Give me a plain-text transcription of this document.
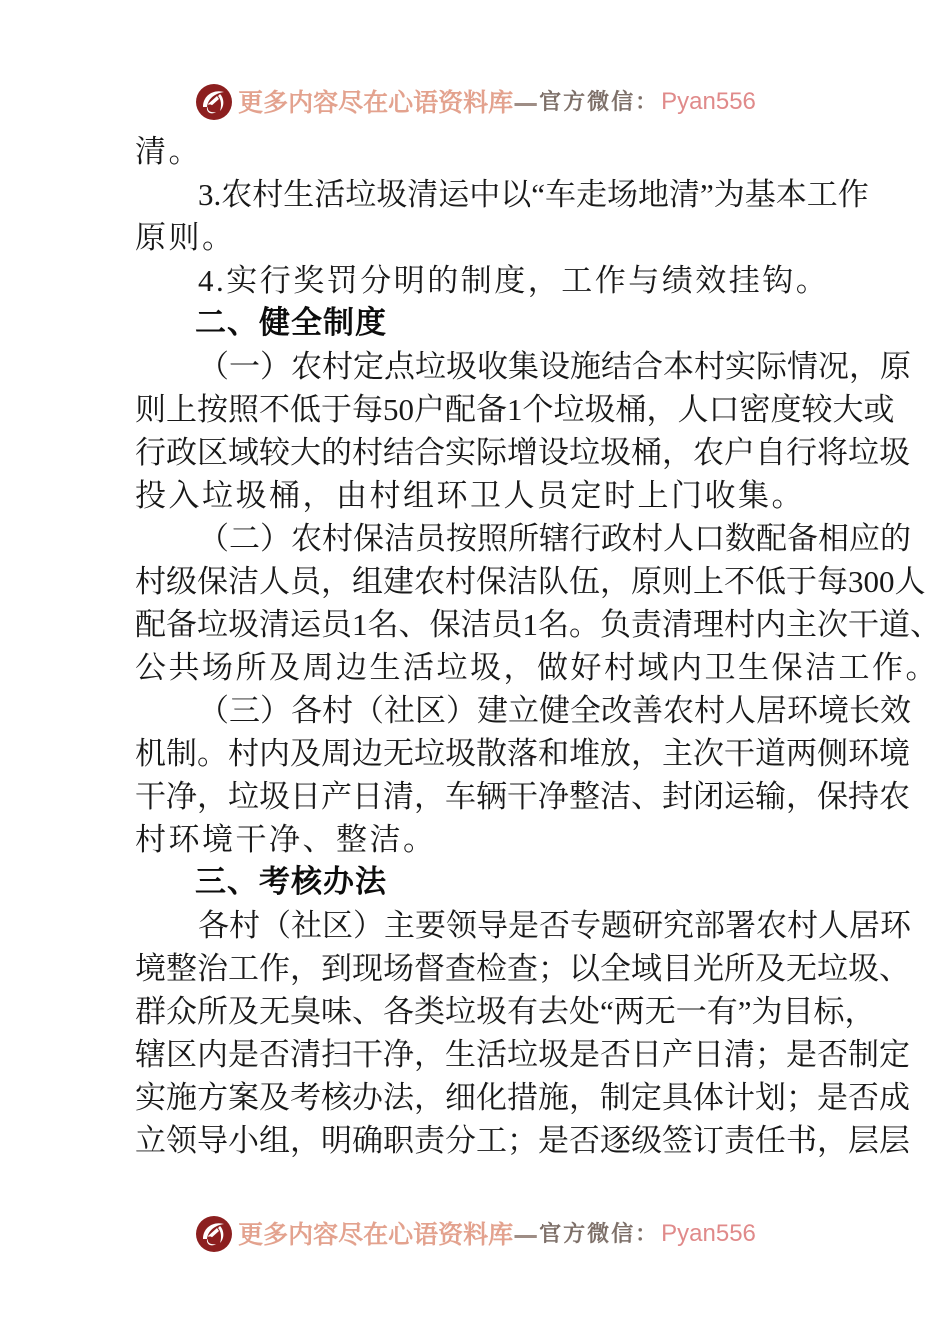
更多内容尽在心语资料库 — 官方微信： Pyan556
清。
3. 农 村 生 活 垃 圾 清 运 中 以 “ 车 走 场 地 清 ” 为 基 本 工 作
原则。
4.实行奖罚分明的制度，工作与绩效挂钩。
二、健全制度
（ 一 ） 农 村 定 点 垃 圾 收 集 设 施 结 合 本 村 实 际 情 况 ， 原
则 上 按 照 不 低 于 每 50 户 配 备 1 个 垃 圾 桶 ， 人 口 密 度 较 大 或
行 政 区 域 较 大 的 村 结 合 实 际 增 设 垃 圾 桶 ， 农 户 自 行 将 垃 圾
投入垃圾桶，由村组环卫人员定时上门收集。
（ 二 ） 农 村 保 洁 员 按 照 所 辖 行 政 村 人 口 数 配 备 相 应 的
村 级 保 洁 人 员 ， 组 建 农 村 保 洁 队 伍 ， 原 则 上 不 低 于 每 300 人
配 备 垃 圾 清 运 员 1 名 、 保 洁 员 1 名 。 负 责 清 理 村 内 主 次 干 道 、
公共场所及周边生活垃圾，做好村域内卫生保洁工作。
（ 三 ） 各 村 （ 社 区 ） 建 立 健 全 改 善 农 村 人 居 环 境 长 效
机 制 。 村 内 及 周 边 无 垃 圾 散 落 和 堆 放 ， 主 次 干 道 两 侧 环 境
干 净 ， 垃 圾 日 产 日 清 ， 车 辆 干 净 整 洁 、 封 闭 运 输 ， 保 持 农
村环境干净、整洁。
三、考核办法
各 村 （ 社 区 ） 主 要 领 导 是 否 专 题 研 究 部 署 农 村 人 居 环
境 整 治 工 作 ， 到 现 场 督 查 检 查 ； 以 全 域 目 光 所 及 无 垃 圾 、
群 众 所 及 无 臭 味 、 各 类 垃 圾 有 去 处 “ 两 无 一 有 ” 为 目 标 ，
辖 区 内 是 否 清 扫 干 净 ， 生 活 垃 圾 是 否 日 产 日 清 ； 是 否 制 定
实 施 方 案 及 考 核 办 法 ， 细 化 措 施 ， 制 定 具 体 计 划 ； 是 否 成
立 领 导 小 组 ， 明 确 职 责 分 工 ； 是 否 逐 级 签 订 责 任 书 ， 层 层
更多内容尽在心语资料库 — 官方微信： Pyan556
